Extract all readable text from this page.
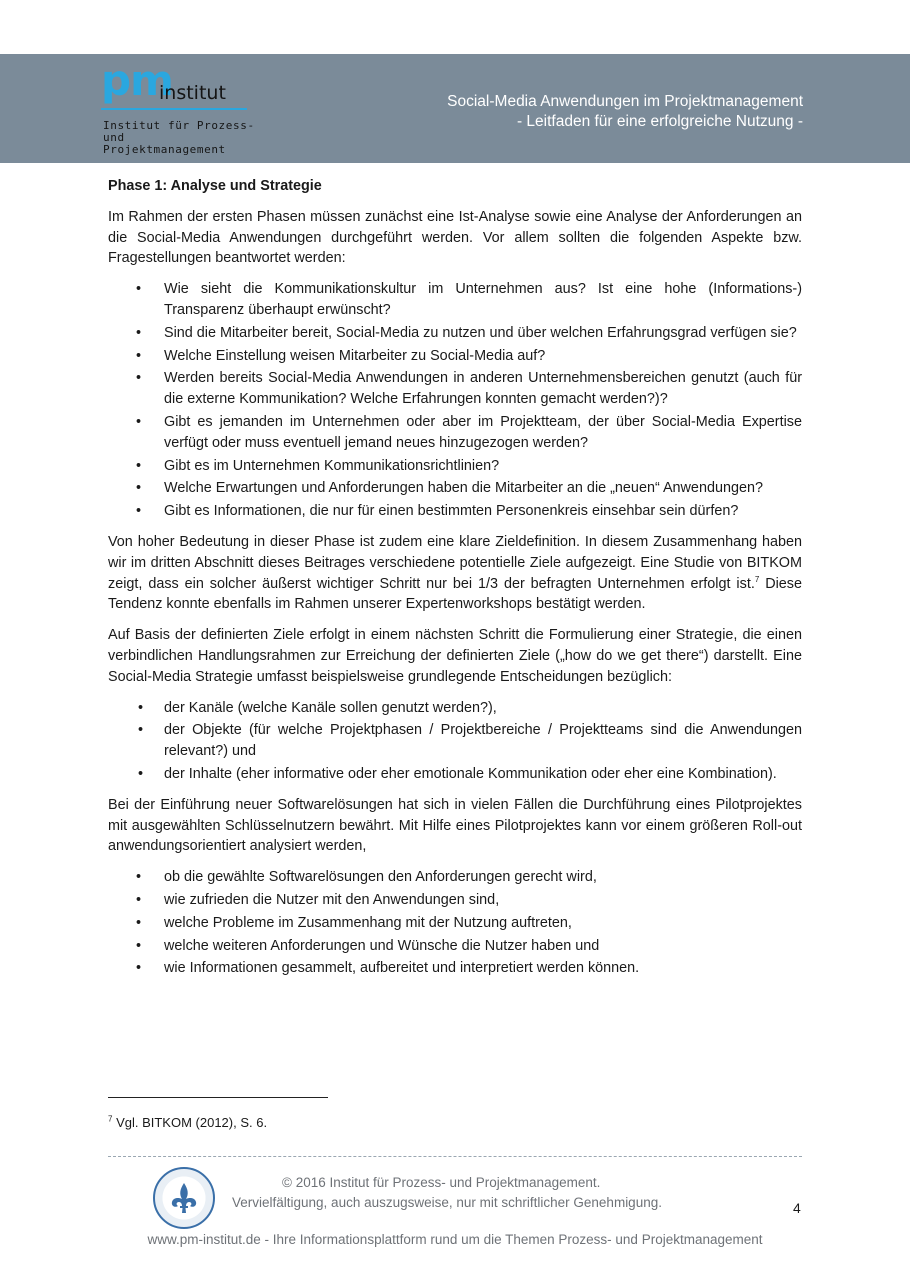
pm
institut
Institut für Prozess- und
Projektmanagement
Social-Media Anwendungen im Projektmanagement
- Leitfaden für eine erfolgreiche Nutzung -
Phase 1: Analyse und Strategie

Im Rahmen der ersten Phasen müssen zunächst eine Ist-Analyse sowie eine Analyse der Anforderungen an die Social-Media Anwendungen durchgeführt werden. Vor allem sollten die folgenden Aspekte bzw. Fragestellungen beantwortet werden:

• Wie sieht die Kommunikationskultur im Unternehmen aus? Ist eine hohe (Informations-) Transparenz überhaupt erwünscht?
• Sind die Mitarbeiter bereit, Social-Media zu nutzen und über welchen Erfahrungsgrad verfügen sie?
• Welche Einstellung weisen Mitarbeiter zu Social-Media auf?
• Werden bereits Social-Media Anwendungen in anderen Unternehmensbereichen genutzt (auch für die externe Kommunikation? Welche Erfahrungen konnten gemacht werden?)?
• Gibt es jemanden im Unternehmen oder aber im Projektteam, der über Social-Media Expertise verfügt oder muss eventuell jemand neues hinzugezogen werden?
• Gibt es im Unternehmen Kommunikationsrichtlinien?
• Welche Erwartungen und Anforderungen haben die Mitarbeiter an die „neuen“ Anwendungen?
• Gibt es Informationen, die nur für einen bestimmten Personenkreis einsehbar sein dürfen?

Von hoher Bedeutung in dieser Phase ist zudem eine klare Zieldefinition. In diesem Zusammenhang haben wir im dritten Abschnitt dieses Beitrages verschiedene potentielle Ziele aufgezeigt. Eine Studie von BITKOM zeigt, dass ein solcher äußerst wichtiger Schritt nur bei 1/3 der befragten Unternehmen erfolgt ist.$^7$ Diese Tendenz konnte ebenfalls im Rahmen unserer Expertenworkshops bestätigt werden.

Auf Basis der definierten Ziele erfolgt in einem nächsten Schritt die Formulierung einer Strategie, die einen verbindlichen Handlungsrahmen zur Erreichung der definierten Ziele („how do we get there“) darstellt. Eine Social-Media Strategie umfasst beispielsweise grundlegende Entscheidungen bezüglich:

• der Kanäle (welche Kanäle sollen genutzt werden?),
• der Objekte (für welche Projektphasen / Projektbereiche / Projektteams sind die Anwendungen relevant?) und
• der Inhalte (eher informative oder eher emotionale Kommunikation oder eher eine Kombination).

Bei der Einführung neuer Softwarelösungen hat sich in vielen Fällen die Durchführung eines Pilotprojektes mit ausgewählten Schlüsselnutzern bewährt. Mit Hilfe eines Pilotprojektes kann vor einem größeren Roll-out anwendungsorientiert analysiert werden,

• ob die gewählte Softwarelösungen den Anforderungen gerecht wird,
• wie zufrieden die Nutzer mit den Anwendungen sind,
• welche Probleme im Zusammenhang mit der Nutzung auftreten,
• welche weiteren Anforderungen und Wünsche die Nutzer haben und
• wie Informationen gesammelt, aufbereitet und interpretiert werden können.
$^7$ Vgl. BITKOM (2012), S. 6.
© 2016 Institut für Prozess- und Projektmanagement.
Vervielfältigung, auch auszugsweise, nur mit schriftlicher Genehmigung.	4
www.pm-institut.de - Ihre Informationsplattform rund um die Themen Prozess- und Projektmanagement
